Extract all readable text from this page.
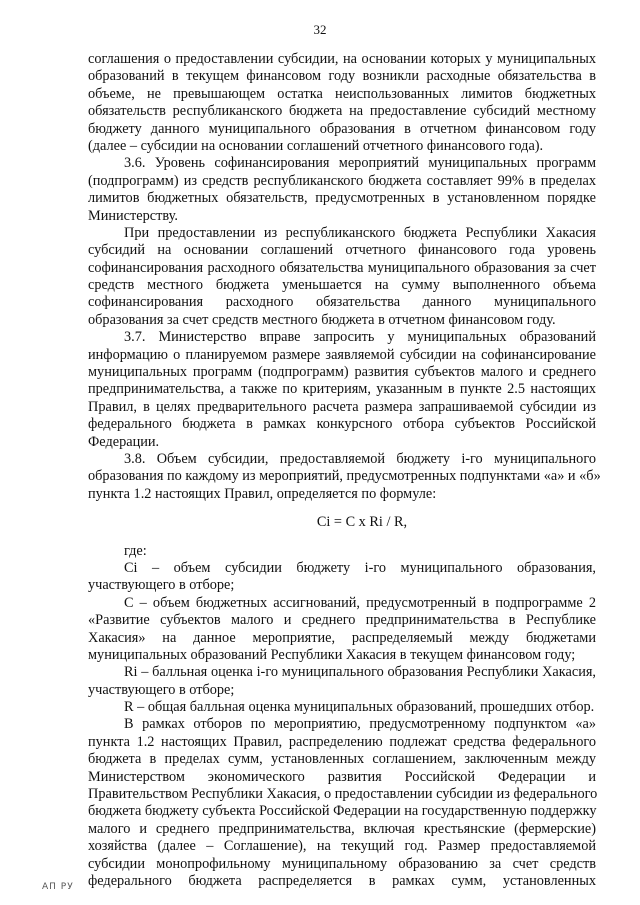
32
соглашения о предоставлении субсидии, на основании которых у муниципальных
образований в текущем финансовом году возникли расходные обязательства в
объеме, не превышающем остатка неиспользованных лимитов бюджетных
обязательств республиканского бюджета на предоставление субсидий местному
бюджету данного муниципального образования в отчетном финансовом году
(далее – субсидии на основании соглашений отчетного финансового года).
3.6. Уровень софинансирования мероприятий муниципальных программ
(подпрограмм) из средств республиканского бюджета составляет 99% в пределах
лимитов бюджетных обязательств, предусмотренных в установленном порядке
Министерству.
При предоставлении из республиканского бюджета Республики Хакасия
субсидий на основании соглашений отчетного финансового года уровень
софинансирования расходного обязательства муниципального образования за счет
средств местного бюджета уменьшается на сумму выполненного объема
софинансирования расходного обязательства данного муниципального
образования за счет средств местного бюджета в отчетном финансовом году.
3.7. Министерство вправе запросить у муниципальных образований
информацию о планируемом размере заявляемой субсидии на софинансирование
муниципальных программ (подпрограмм) развития субъектов малого и среднего
предпринимательства, а также по критериям, указанным в пункте 2.5 настоящих
Правил, в целях предварительного расчета размера запрашиваемой субсидии из
федерального бюджета в рамках конкурсного отбора субъектов Российской
Федерации.
3.8. Объем субсидии, предоставляемой бюджету i-го муниципального
образования по каждому из мероприятий, предусмотренных подпунктами «а» и «б»
пункта 1.2 настоящих Правил, определяется по формуле:
Ci = C x Ri / R,
где:
Ci – объем субсидии бюджету i-го муниципального образования,
участвующего в отборе;
C – объем бюджетных ассигнований, предусмотренный в подпрограмме 2
«Развитие субъектов малого и среднего предпринимательства в Республике
Хакасия» на данное мероприятие, распределяемый между бюджетами
муниципальных образований Республики Хакасия в текущем финансовом году;
Ri – балльная оценка i-го муниципального образования Республики Хакасия,
участвующего в отборе;
R – общая балльная оценка муниципальных образований, прошедших отбор.
В рамках отборов по мероприятию, предусмотренному подпунктом «а»
пункта 1.2 настоящих Правил, распределению подлежат средства федерального
бюджета в пределах сумм, установленных соглашением, заключенным между
Министерством экономического развития Российской Федерации и
Правительством Республики Хакасия, о предоставлении субсидии из федерального
бюджета бюджету субъекта Российской Федерации на государственную поддержку
малого и среднего предпринимательства, включая крестьянские (фермерские)
хозяйства (далее – Соглашение), на текущий год. Размер предоставляемой
субсидии монопрофильному муниципальному образованию за счет средств
федерального бюджета распределяется в рамках сумм, установленных
АП РУ
